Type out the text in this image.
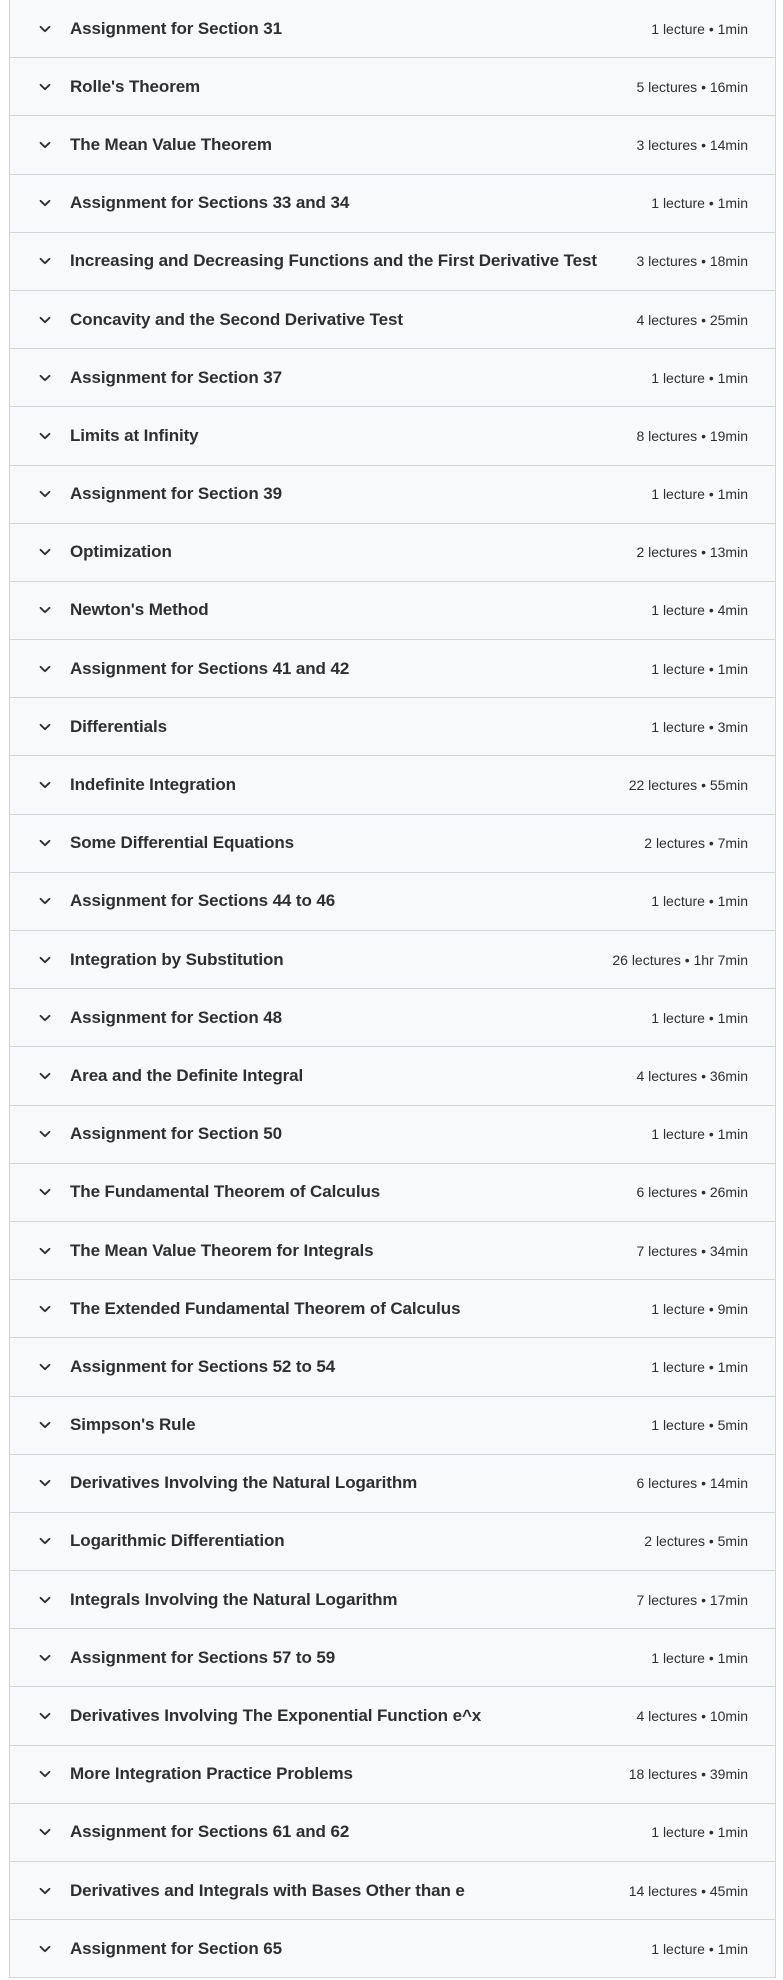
Assignment for Section 31	1 lecture • 1min
Rolle's Theorem	5 lectures • 16min
The Mean Value Theorem	3 lectures • 14min
Assignment for Sections 33 and 34	1 lecture • 1min
Increasing and Decreasing Functions and the First Derivative Test	3 lectures • 18min
Concavity and the Second Derivative Test	4 lectures • 25min
Assignment for Section 37	1 lecture • 1min
Limits at Infinity	8 lectures • 19min
Assignment for Section 39	1 lecture • 1min
Optimization	2 lectures • 13min
Newton's Method	1 lecture • 4min
Assignment for Sections 41 and 42	1 lecture • 1min
Differentials	1 lecture • 3min
Indefinite Integration	22 lectures • 55min
Some Differential Equations	2 lectures • 7min
Assignment for Sections 44 to 46	1 lecture • 1min
Integration by Substitution	26 lectures • 1hr 7min
Assignment for Section 48	1 lecture • 1min
Area and the Definite Integral	4 lectures • 36min
Assignment for Section 50	1 lecture • 1min
The Fundamental Theorem of Calculus	6 lectures • 26min
The Mean Value Theorem for Integrals	7 lectures • 34min
The Extended Fundamental Theorem of Calculus	1 lecture • 9min
Assignment for Sections 52 to 54	1 lecture • 1min
Simpson's Rule	1 lecture • 5min
Derivatives Involving the Natural Logarithm	6 lectures • 14min
Logarithmic Differentiation	2 lectures • 5min
Integrals Involving the Natural Logarithm	7 lectures • 17min
Assignment for Sections 57 to 59	1 lecture • 1min
Derivatives Involving The Exponential Function e^x	4 lectures • 10min
More Integration Practice Problems	18 lectures • 39min
Assignment for Sections 61 and 62	1 lecture • 1min
Derivatives and Integrals with Bases Other than e	14 lectures • 45min
Assignment for Section 65	1 lecture • 1min
